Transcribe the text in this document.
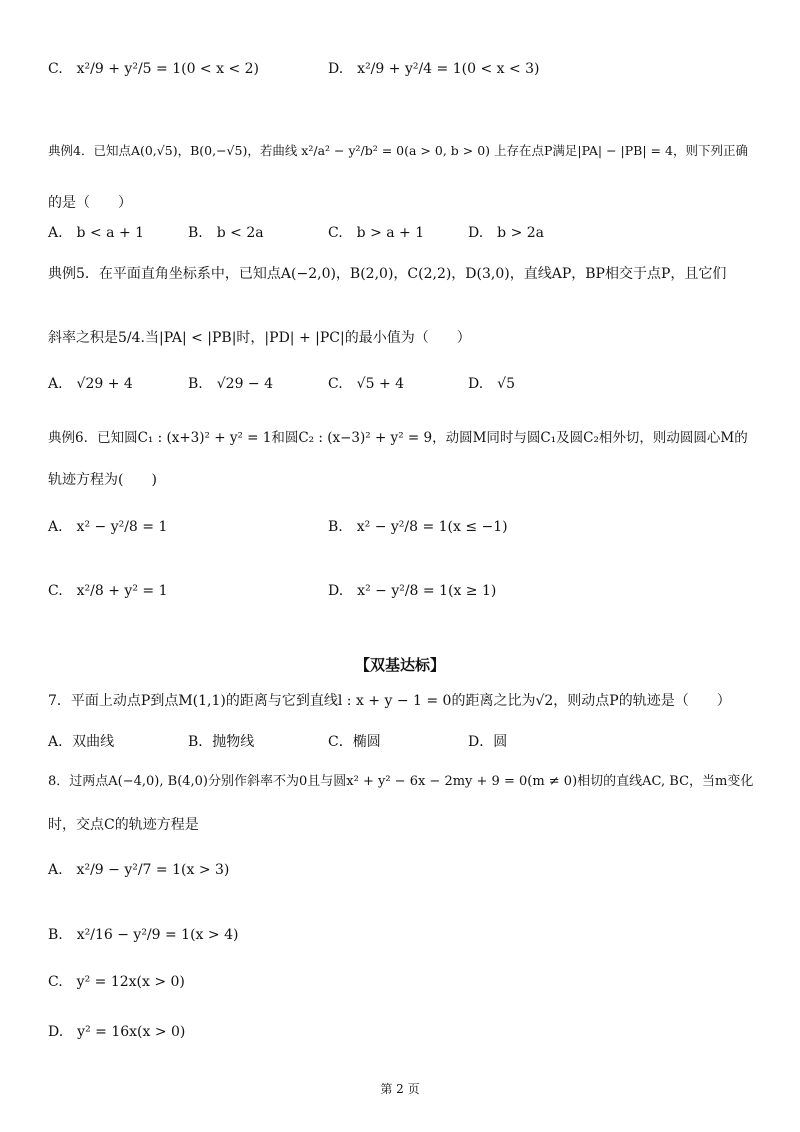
C.　x²/9 + y²/5 = 1(0 < x < 2)	D.　x²/9 + y²/4 = 1(0 < x < 3)
典例4．已知点A(0,√5)，B(0,−√5)，若曲线 x²/a² − y²/b² = 0(a > 0, b > 0) 上存在点P满足|PA| − |PB| = 4，则下列正确
的是（　　）
A.　b < a + 1	B.　b < 2a	C.　b > a + 1	D.　b > 2a
典例5．在平面直角坐标系中，已知点A(−2,0)，B(2,0)，C(2,2)，D(3,0)，直线AP，BP相交于点P，且它们
斜率之积是5/4.当|PA| < |PB|时，|PD| + |PC|的最小值为（　　）
A.　√29 + 4	B.　√29 − 4	C.　√5 + 4	D.　√5
典例6．已知圆C₁ : (x+3)² + y² = 1和圆C₂ : (x−3)² + y² = 9，动圆M同时与圆C₁及圆C₂相外切，则动圆圆心M的
轨迹方程为(　　)
A.　x² − y²/8 = 1	B.　x² − y²/8 = 1(x ≤ −1)
C.　x²/8 + y² = 1	D.　x² − y²/8 = 1(x ≥ 1)
【双基达标】
7．平面上动点P到点M(1,1)的距离与它到直线l : x + y − 1 = 0的距离之比为√2，则动点P的轨迹是（　　）
A．双曲线	B．抛物线	C．椭圆	D．圆
8．过两点A(−4,0), B(4,0)分别作斜率不为0且与圆x² + y² − 6x − 2my + 9 = 0(m ≠ 0)相切的直线AC, BC，当m变化
时，交点C的轨迹方程是
A.　x²/9 − y²/7 = 1(x > 3)
B.　x²/16 − y²/9 = 1(x > 4)
C.　y² = 12x(x > 0)
D.　y² = 16x(x > 0)
第 2 页
